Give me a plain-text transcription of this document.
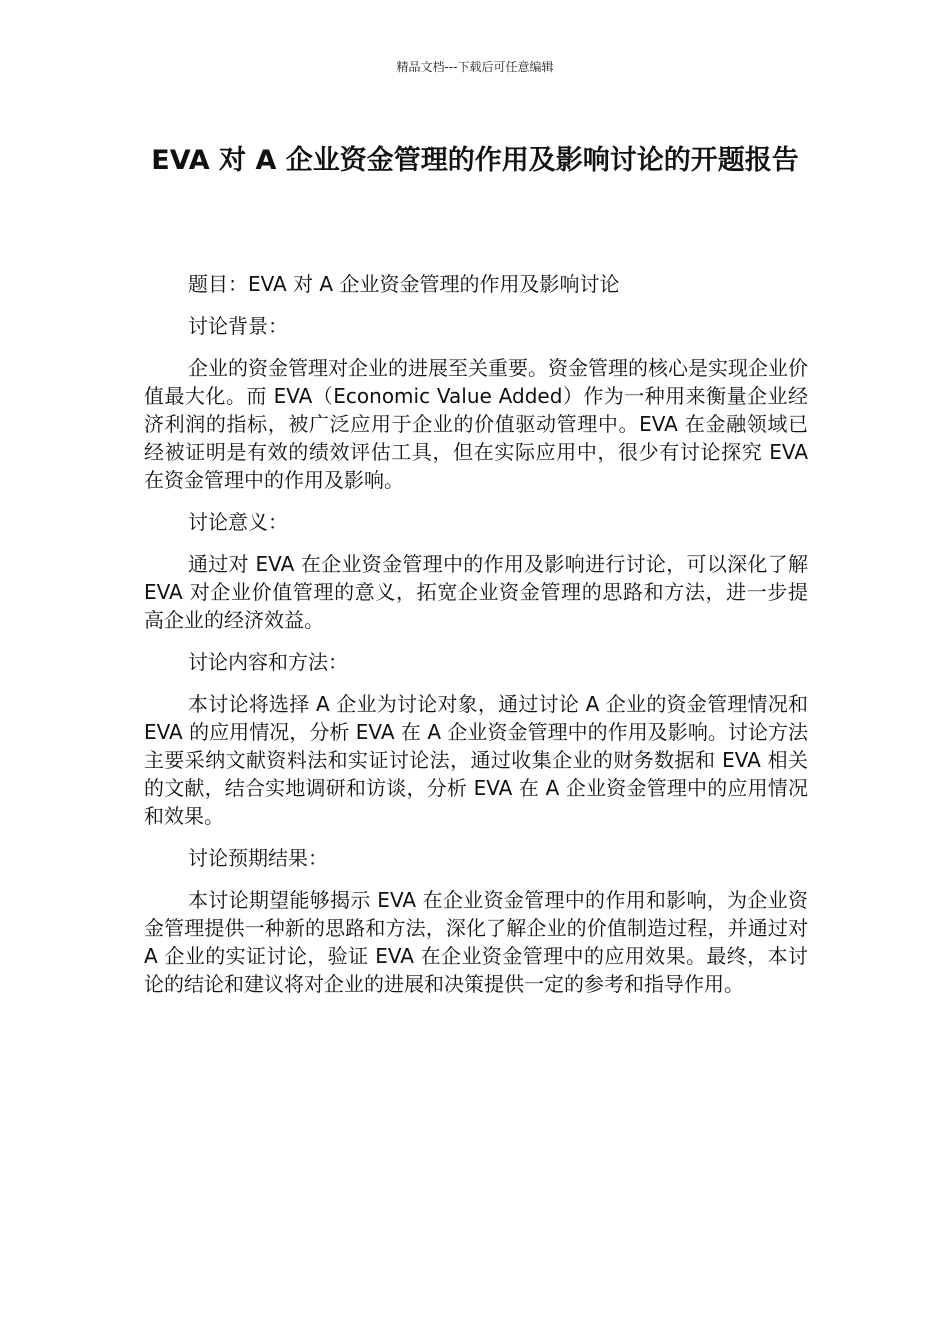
精品文档---下载后可任意编辑
EVA 对 A 企业资金管理的作用及影响讨论的开题报告

题目：EVA 对 A 企业资金管理的作用及影响讨论

讨论背景：

企业的资金管理对企业的进展至关重要。资金管理的核心是实现企业价值最大化。而 EVA（Economic Value Added）作为一种用来衡量企业经济利润的指标，被广泛应用于企业的价值驱动管理中。EVA 在金融领域已经被证明是有效的绩效评估工具，但在实际应用中，很少有讨论探究 EVA 在资金管理中的作用及影响。

讨论意义：

通过对 EVA 在企业资金管理中的作用及影响进行讨论，可以深化了解 EVA 对企业价值管理的意义，拓宽企业资金管理的思路和方法，进一步提高企业的经济效益。

讨论内容和方法：

本讨论将选择 A 企业为讨论对象，通过讨论 A 企业的资金管理情况和 EVA 的应用情况，分析 EVA 在 A 企业资金管理中的作用及影响。讨论方法主要采纳文献资料法和实证讨论法，通过收集企业的财务数据和 EVA 相关的文献，结合实地调研和访谈，分析 EVA 在 A 企业资金管理中的应用情况和效果。

讨论预期结果：

本讨论期望能够揭示 EVA 在企业资金管理中的作用和影响，为企业资金管理提供一种新的思路和方法，深化了解企业的价值制造过程，并通过对 A 企业的实证讨论，验证 EVA 在企业资金管理中的应用效果。最终，本讨论的结论和建议将对企业的进展和决策提供一定的参考和指导作用。
